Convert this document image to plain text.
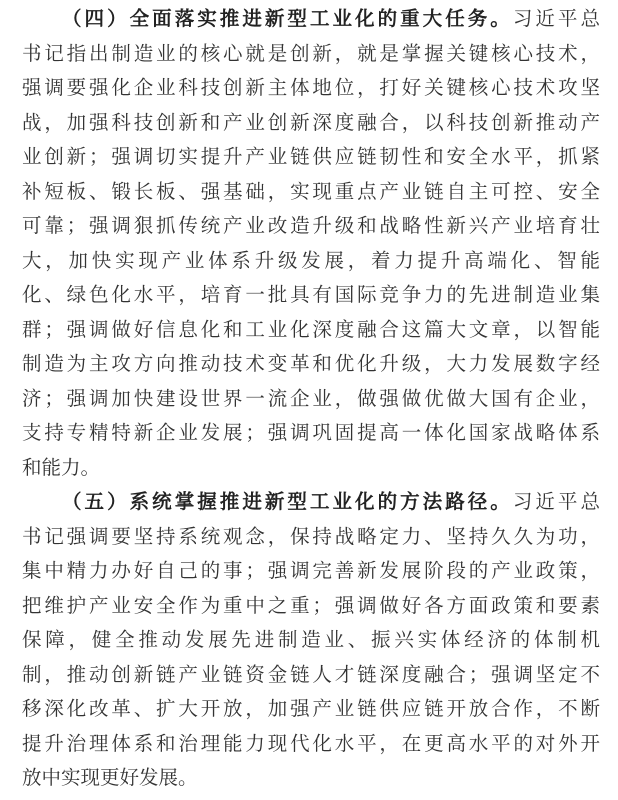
（四）全面落实推进新型工业化的重大任务。习近平总
书记指出制造业的核心就是创新，就是掌握关键核心技术，
强调要强化企业科技创新主体地位，打好关键核心技术攻坚
战，加强科技创新和产业创新深度融合，以科技创新推动产
业创新；强调切实提升产业链供应链韧性和安全水平，抓紧
补短板、锻长板、强基础，实现重点产业链自主可控、安全
可靠；强调狠抓传统产业改造升级和战略性新兴产业培育壮
大，加快实现产业体系升级发展，着力提升高端化、智能
化、绿色化水平，培育一批具有国际竞争力的先进制造业集
群；强调做好信息化和工业化深度融合这篇大文章，以智能
制造为主攻方向推动技术变革和优化升级，大力发展数字经
济；强调加快建设世界一流企业，做强做优做大国有企业，
支持专精特新企业发展；强调巩固提高一体化国家战略体系
和能力。
（五）系统掌握推进新型工业化的方法路径。习近平总
书记强调要坚持系统观念，保持战略定力、坚持久久为功，
集中精力办好自己的事；强调完善新发展阶段的产业政策，
把维护产业安全作为重中之重；强调做好各方面政策和要素
保障，健全推动发展先进制造业、振兴实体经济的体制机
制，推动创新链产业链资金链人才链深度融合；强调坚定不
移深化改革、扩大开放，加强产业链供应链开放合作，不断
提升治理体系和治理能力现代化水平，在更高水平的对外开
放中实现更好发展。
